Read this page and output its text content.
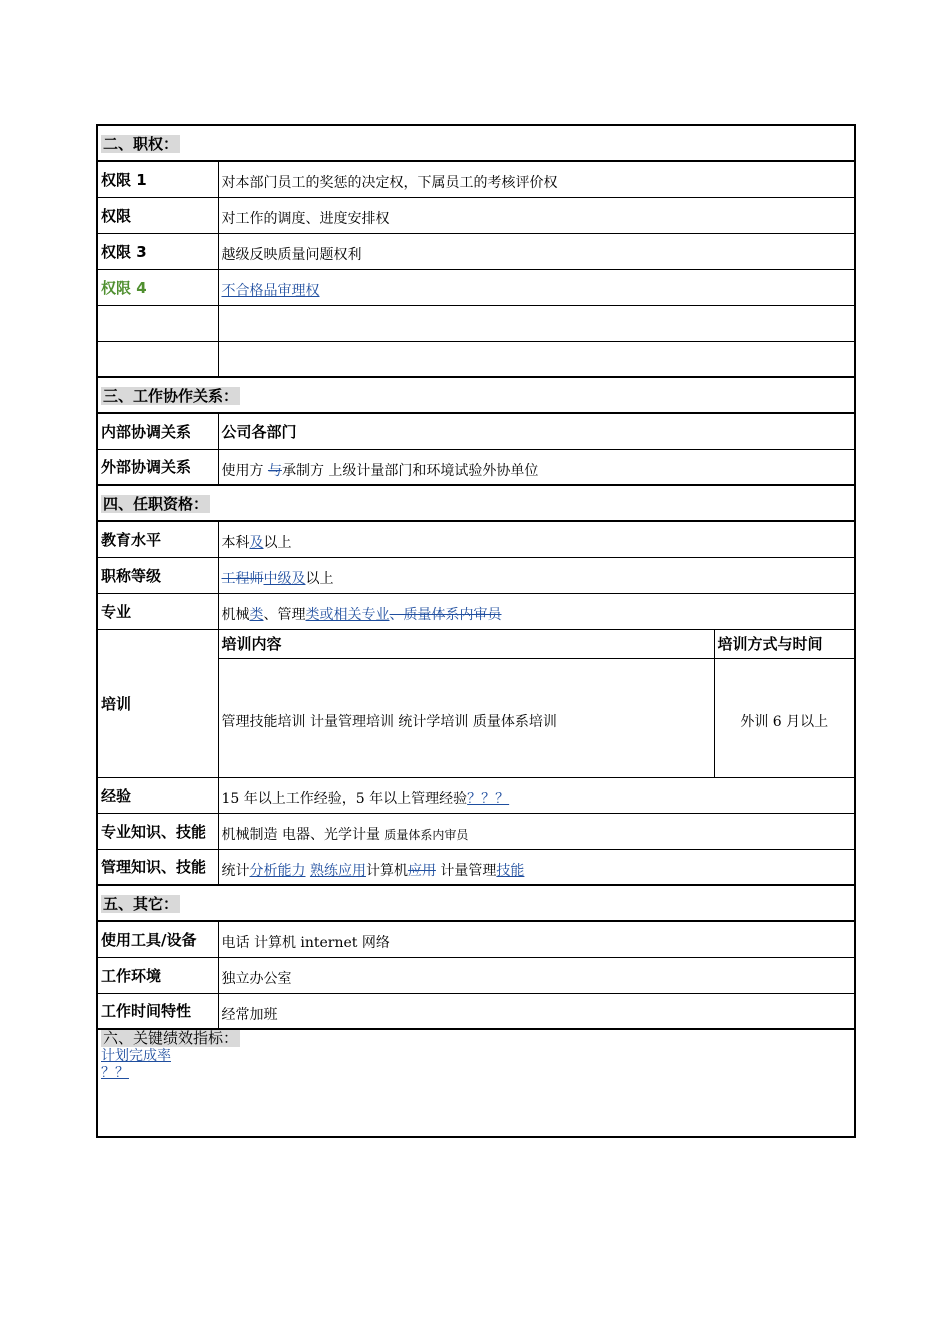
二、职权：		
权限 1	对本部门员工的奖惩的决定权，下属员工的考核评价权	
权限	对工作的调度、进度安排权	
权限 3	越级反映质量问题权利	
权限 4	不合格品审理权	

三、工作协作关系：		
内部协调关系	公司各部门	
外部协调关系	使用方 与承制方 上级计量部门和环境试验外协单位	
四、任职资格：		
教育水平	本科及以上	
职称等级	工程师中级及以上	
专业	机械类、管理类或相关专业、质量体系内审员	
培训	培训内容	培训方式与时间
	管理技能培训 计量管理培训 统计学培训 质量体系培训	外训 6 月以上
经验	15 年以上工作经验，5 年以上管理经验？？？	
专业知识、技能	机械制造 电器、光学计量 质量体系内审员	
管理知识、技能	统计分析能力 熟练应用计算机应用 计量管理技能	
五、其它：		
使用工具/设备	电话 计算机 internet 网络	
工作环境	独立办公室	
工作时间特性	经常加班	

六、关键绩效指标：
计划完成率
？？		
